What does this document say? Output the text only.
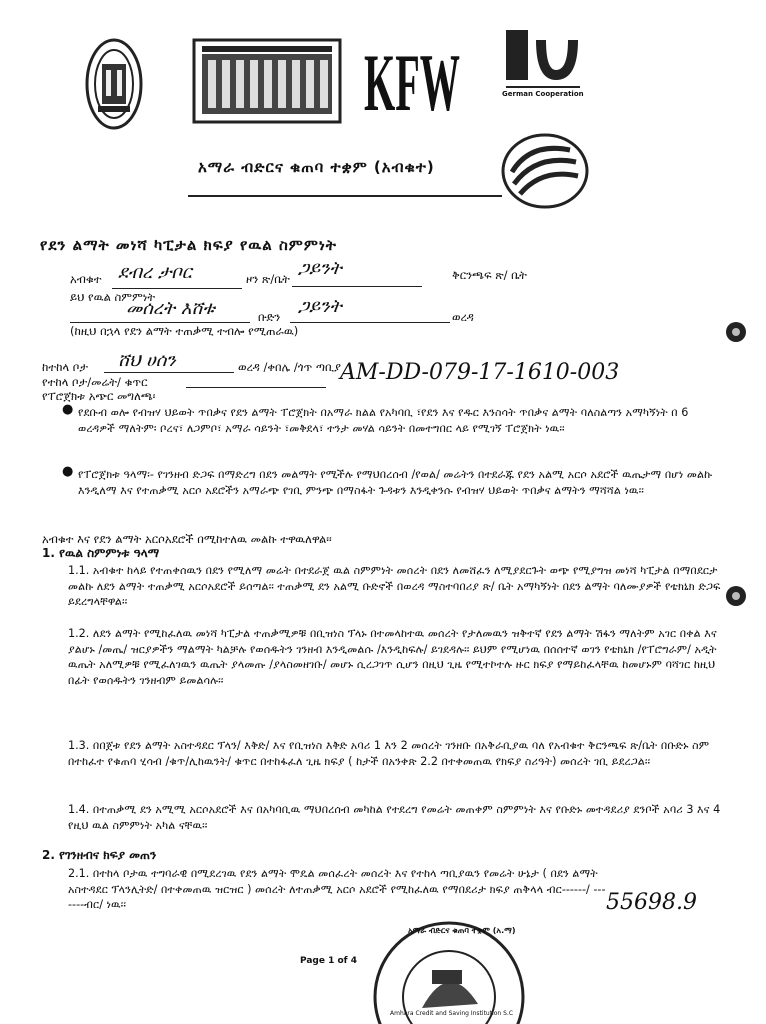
KFW	German Cooperation
አማራ ብድርና ቁጠባ ተቋም (አብቁተ)
የደን ልማት መነሻ ካፒታል ክፍያ የዉል ስምምነት
አብቁተ ደብረ ታቦር	ዞን ጽ/ቤት ጋይንት	ቅርንጫፍ ጽ/ ቤት
ይህ የዉል ስምምነት
መሰረት እሸቱ	ቡድን ጋይንት	ወረዳ
(ከዚህ በኋላ የደን ልማት ተጠቃሚ ተብሎ የሚጠራዉ)
ከተከላ ቦታ ሸህ ሀሰን	ወረዳ /ቀበሌ /ጎጥ ጣቢያ
የተከላ ቦታ/መሬት/ ቁጥር	AM-DD-079-17-1610-003
የፐሮጀክቱ አጭር መግለጫ፡
● የደቡብ ወሎ የብዝሃ ህይወት ጥበቃና የደን ልማት ፐሮጀክት በአማራ ክልል የአካባቢ ፣የደን እና የዱር እንስሳት ጥበቃና ልማት ባለስልጣን አማካኝነት በ 6 ወረዳዎች ማለትም፡ ቦረና፣ ለጋምቦ፣ አማራ ሳይንት ፣መቅደላ፣ ተንታ መሃል ሳይንት በመተግበር ላይ የሚገኝ ፐሮጀክት ነዉ፡፡
● የፐሮጀክቱ ዓላማ፡- የገንዘብ ድጋፍ በማድረግ በደን መልማት የሚችሉ የማህበረሰብ /የወል/ መሬትን በተደራጁ የደን አልሚ አርሶ አደሮች ዉጤታማ በሆነ መልኩ እንዲለማ እና የተጠቃሚ አርሶ አደሮችን አማራጭ የገቢ ምንጭ በማስፋት ጉዳቱን እንዲቀንሱ የብዝሃ ህይወት ጥበቃና ልማትን ማሻሻል ነዉ፡፡
አብቁተ እና የደን ልማት አርሶአደሮች በሚከተለዉ መልኩ ተዋዉለዋል፡፡
1. የዉል ስምምነቱ ዓላማ
1.1. አብቁተ ከላይ የተጠቀሰዉን በደን የሚለማ መሬት በተደራጀ ዉል ስምምነት መሰረት በደን ለመሸፈን ለሚያደርጉት ወጭ የሚያግዝ መነሻ ካፒታል በማበደርታ መልኩ ለደን ልማት ተጠቃሚ አርሶአደሮች ይሰጣል፡፡ ተጠቃሚ ደን አልሚ ቡድኖች በወረዳ ማስተባበሪያ ጽ/ ቤት አማካኝነት በደን ልማት ባለሙያዎች የቴክኒክ ድጋፍ ይደረግላቸዋል፡፡
1.2. ለደን ልማት የሚከፈለዉ መነሻ ካፒታል ተጠቃሚዎቹ በቢዝነስ ፕላኑ በተመላከተዉ መሰረት የታለመዉን ዝቅተኛ የደን ልማት ሽፋን ማለትም አገር በቀል እና ያልሆኑ /መጤ/ ዝርያዎችን ማልማት ካልቻሉ የወሰዱትን ገንዘብ እንዲመልሱ /እንዲከፍሉ/ ይገደዳሉ፡፡ ይህም የሚሆነዉ በሰሰተኛ ወገን የቴክኒክ /የፐሮግራም/ አዲት ዉጤት አለሚዎቹ የሚፈለገዉን ዉጤት ያላመጡ /ያላስመዘገቡ/ መሆኑ ሲረጋገጥ ሲሆን በዚህ ጊዜ የሚተኮተሉ ዙር ክፍያ የማይከፈላቸዉ ከመሆኑም ባሻገር ከዚህ በፊት የወሰዱትን ገንዘብም ይመልሳሉ፡፡
1.3. በበጀቱ የደን ልማት አስተዳደር ፕላን/ እቅድ/ እና የቢዝነስ እቅድ አባሪ 1 እን 2 መሰረት ገንዘቡ በአቅራቢያዉ ባለ የአብቁተ ቅርንጫፍ ጽ/ቤት በቡድኑ ስም በተከፈተ የቁጠባ ሂሳብ /ቁጥ/ሊከዉንት/ ቁጥር በተከፋፈለ ጊዜ ክፍያ ( ከታች በአንቀጽ 2.2 በተቀመጠዉ የክፍያ ስሪዓት) መሰረት ገቢ ይደረጋል፡፡
1.4. በተጠቃሚ ደን አሚሚ አርሶአደሮች እና በአካባቢዉ ማህበረሰብ መካከል የተደረግ የመሬት መጠቀም ስምምነት እና የቡድኑ መተዳደሪያ ደንቦች አባሪ 3 እና 4 የዚህ ዉል ስምምነት አካል ናቸዉ፡፡
2. የገንዘብና ክፍያ መጠን
2.1. በተከላ ቦታዉ ተግባራዊ በሚደረገዉ የደን ልማት ሞዴል መሰፈረት መሰረት እና የተከላ ጣቢያዉን የመሬት ሁኔታ ( በደን ልማት አስተዳደር ፕላንሊትድ/ በተቀመጠዉ ዝርዝር ) መሰረት ለተጠቃሚ አርሶ አደሮች የሚከፈለዉ የማበደሪታ ክፍያ ጠቅላላ ብር------/ -------ብር/ ነዉ፡፡	55698.9
Page 1 of 4
አማራ ብድርና ቁጠባ ተቋም (አ.ማ)
Amhara Credit and Saving Institution S.C
